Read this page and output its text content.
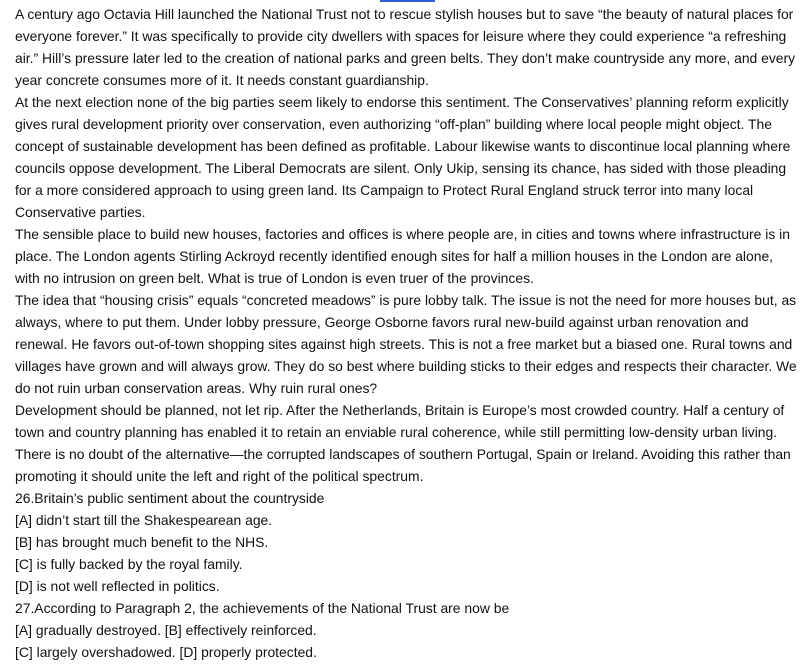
A century ago Octavia Hill launched the National Trust not to rescue stylish houses but to save “the beauty of natural places for everyone forever.” It was specifically to provide city dwellers with spaces for leisure where they could experience “a refreshing air.” Hill’s pressure later led to the creation of national parks and green belts. They don’t make countryside any more, and every year concrete consumes more of it. It needs constant guardianship.

At the next election none of the big parties seem likely to endorse this sentiment. The Conservatives’ planning reform explicitly gives rural development priority over conservation, even authorizing “off-plan” building where local people might object. The concept of sustainable development has been defined as profitable. Labour likewise wants to discontinue local planning where councils oppose development. The Liberal Democrats are silent. Only Ukip, sensing its chance, has sided with those pleading for a more considered approach to using green land. Its Campaign to Protect Rural England struck terror into many local Conservative parties.

The sensible place to build new houses, factories and offices is where people are, in cities and towns where infrastructure is in place. The London agents Stirling Ackroyd recently identified enough sites for half a million houses in the London are alone, with no intrusion on green belt. What is true of London is even truer of the provinces.

The idea that “housing crisis” equals “concreted meadows” is pure lobby talk. The issue is not the need for more houses but, as always, where to put them. Under lobby pressure, George Osborne favors rural new-build against urban renovation and renewal. He favors out-of-town shopping sites against high streets. This is not a free market but a biased one. Rural towns and villages have grown and will always grow. They do so best where building sticks to their edges and respects their character. We do not ruin urban conservation areas. Why ruin rural ones?

Development should be planned, not let rip. After the Netherlands, Britain is Europe’s most crowded country. Half a century of town and country planning has enabled it to retain an enviable rural coherence, while still permitting low-density urban living. There is no doubt of the alternative—the corrupted landscapes of southern Portugal, Spain or Ireland. Avoiding this rather than promoting it should unite the left and right of the political spectrum.

26.Britain’s public sentiment about the countryside

[A] didn’t start till the Shakespearean age.

[B] has brought much benefit to the NHS.

[C] is fully backed by the royal family.

[D] is not well reflected in politics.

27.According to Paragraph 2, the achievements of the National Trust are now be

[A] gradually destroyed. [B] effectively reinforced.

[C] largely overshadowed. [D] properly protected.
